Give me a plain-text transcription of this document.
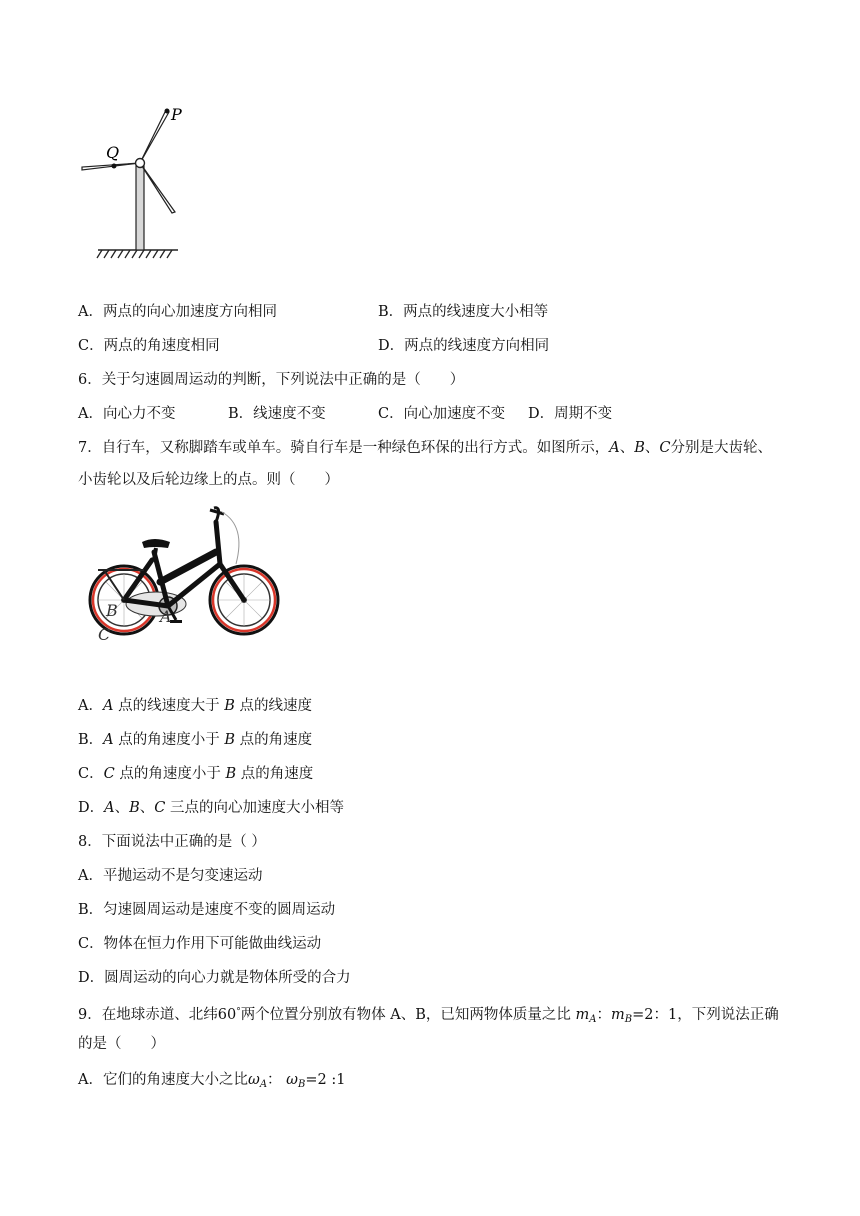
P
Q
A．两点的向心加速度方向相同	B．两点的线速度大小相等
C．两点的角速度相同	D．两点的线速度方向相同
6．关于匀速圆周运动的判断，下列说法中正确的是（　　）
A．向心力不变	B．线速度不变	C．向心加速度不变 D．周期不变
7．自行车，又称脚踏车或单车。骑自行车是一种绿色环保的出行方式。如图所示，A、B、C分别是大齿轮、
小齿轮以及后轮边缘上的点。则（　　）
B	A
C
A．A 点的线速度大于 B 点的线速度
B．A 点的角速度小于 B 点的角速度
C．C 点的角速度小于 B 点的角速度
D．A、B、C 三点的向心加速度大小相等
8．下面说法中正确的是（ ）
A．平抛运动不是匀变速运动
B．匀速圆周运动是速度不变的圆周运动
C．物体在恒力作用下可能做曲线运动
D．圆周运动的向心力就是物体所受的合力
9．在地球赤道、北纬60°两个位置分别放有物体 A、B，已知两物体质量之比 $m_A$：$m_B=2$：1，下列说法正确
的是（　　）
A．它们的角速度大小之比$\omega_A$： $\omega_B=2$ :1
